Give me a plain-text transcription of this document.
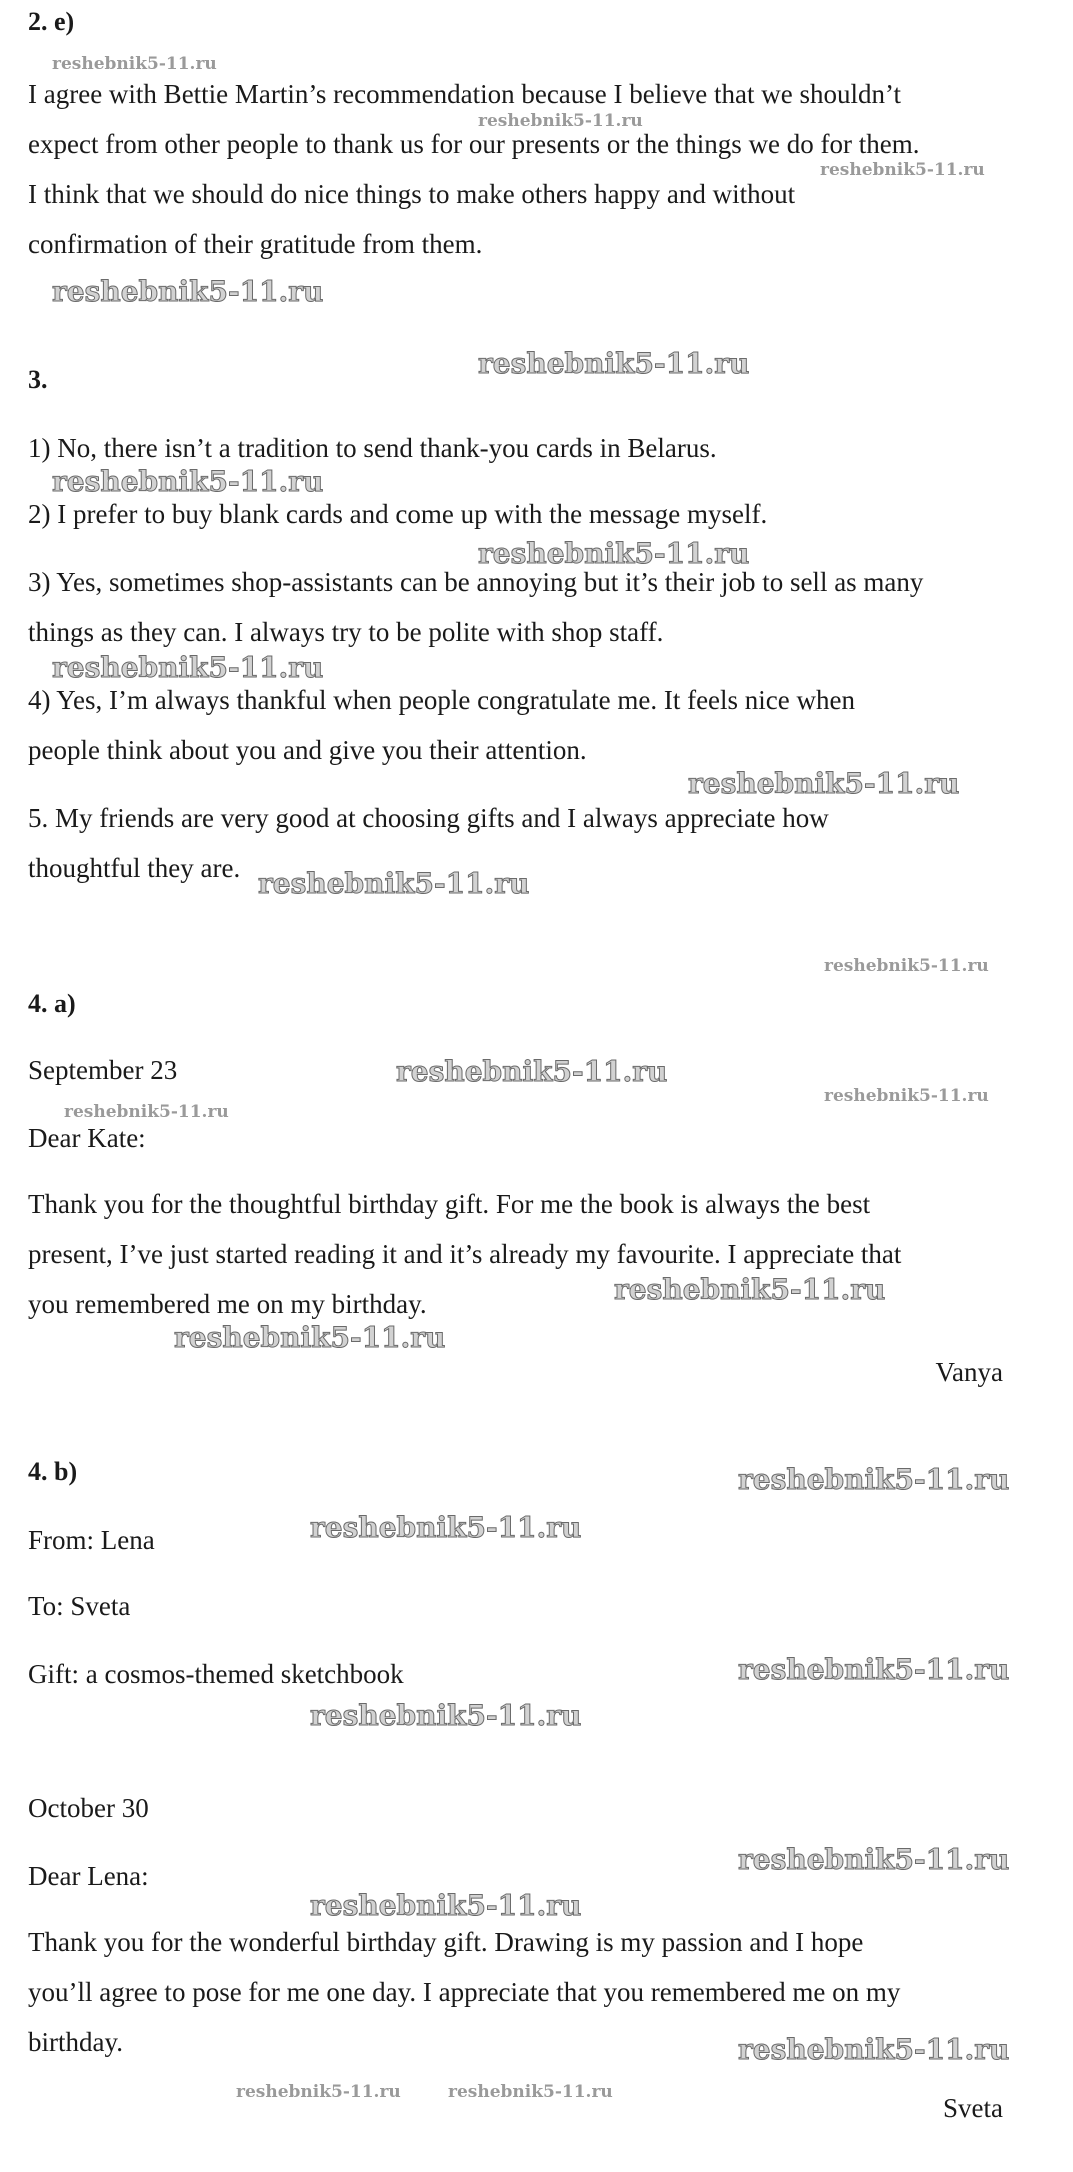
2. e)
I agree with Bettie Martin’s recommendation because I believe that we shouldn’t
expect from other people to thank us for our presents or the things we do for them.
I think that we should do nice things to make others happy and without
confirmation of their gratitude from them.
3.
1) No, there isn’t a tradition to send thank-you cards in Belarus.
2) I prefer to buy blank cards and come up with the message myself.
3) Yes, sometimes shop-assistants can be annoying but it’s their job to sell as many
things as they can. I always try to be polite with shop staff.
4) Yes, I’m always thankful when people congratulate me. It feels nice when
people think about you and give you their attention.
5. My friends are very good at choosing gifts and I always appreciate how
thoughtful they are.
4. a)
September 23
Dear Kate:
Thank you for the thoughtful birthday gift. For me the book is always the best
present, I’ve just started reading it and it’s already my favourite. I appreciate that
you remembered me on my birthday.
Vanya
4. b)
From: Lena
To: Sveta
Gift: a cosmos-themed sketchbook
October 30
Dear Lena:
Thank you for the wonderful birthday gift. Drawing is my passion and I hope
you’ll agree to pose for me one day. I appreciate that you remembered me on my
birthday.
Sveta
reshebnik5-11.ru
reshebnik5-11.ru
reshebnik5-11.ru
reshebnik5-11.ru
reshebnik5-11.ru
reshebnik5-11.ru
reshebnik5-11.ru
reshebnik5-11.ru
reshebnik5-11.ru
reshebnik5-11.ru
reshebnik5-11.ru
reshebnik5-11.ru
reshebnik5-11.ru
reshebnik5-11.ru
reshebnik5-11.ru
reshebnik5-11.ru
reshebnik5-11.ru
reshebnik5-11.ru
reshebnik5-11.ru
reshebnik5-11.ru
reshebnik5-11.ru
reshebnik5-11.ru
reshebnik5-11.ru
reshebnik5-11.ru	reshebnik5-11.ru
